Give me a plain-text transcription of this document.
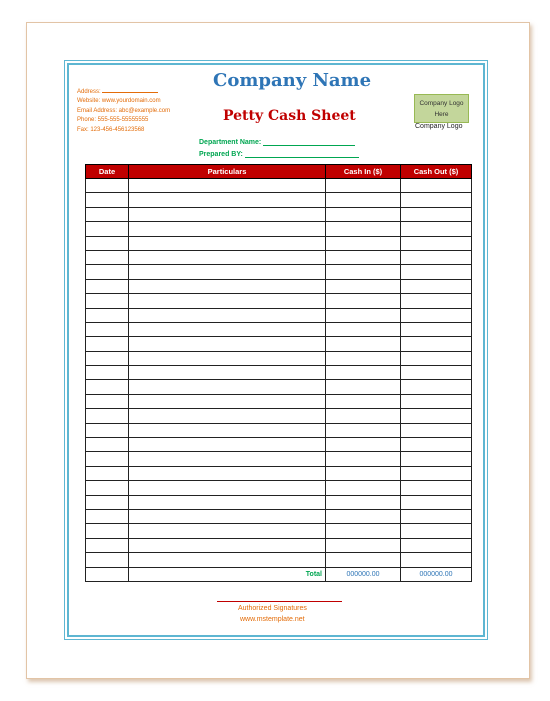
Company Name
Address:
Website: www.yourdomain.com
Email Address: abc@example.com
Phone: 555-555-55555555
Fax: 123-456-456123568
Petty Cash Sheet
Company Logo Here
Company Logo
Department Name:
Prepared BY:
Date	Particulars	Cash In ($)	Cash Out ($)

	Total	000000.00	000000.00
Authorized Signatures
www.mstemplate.net
